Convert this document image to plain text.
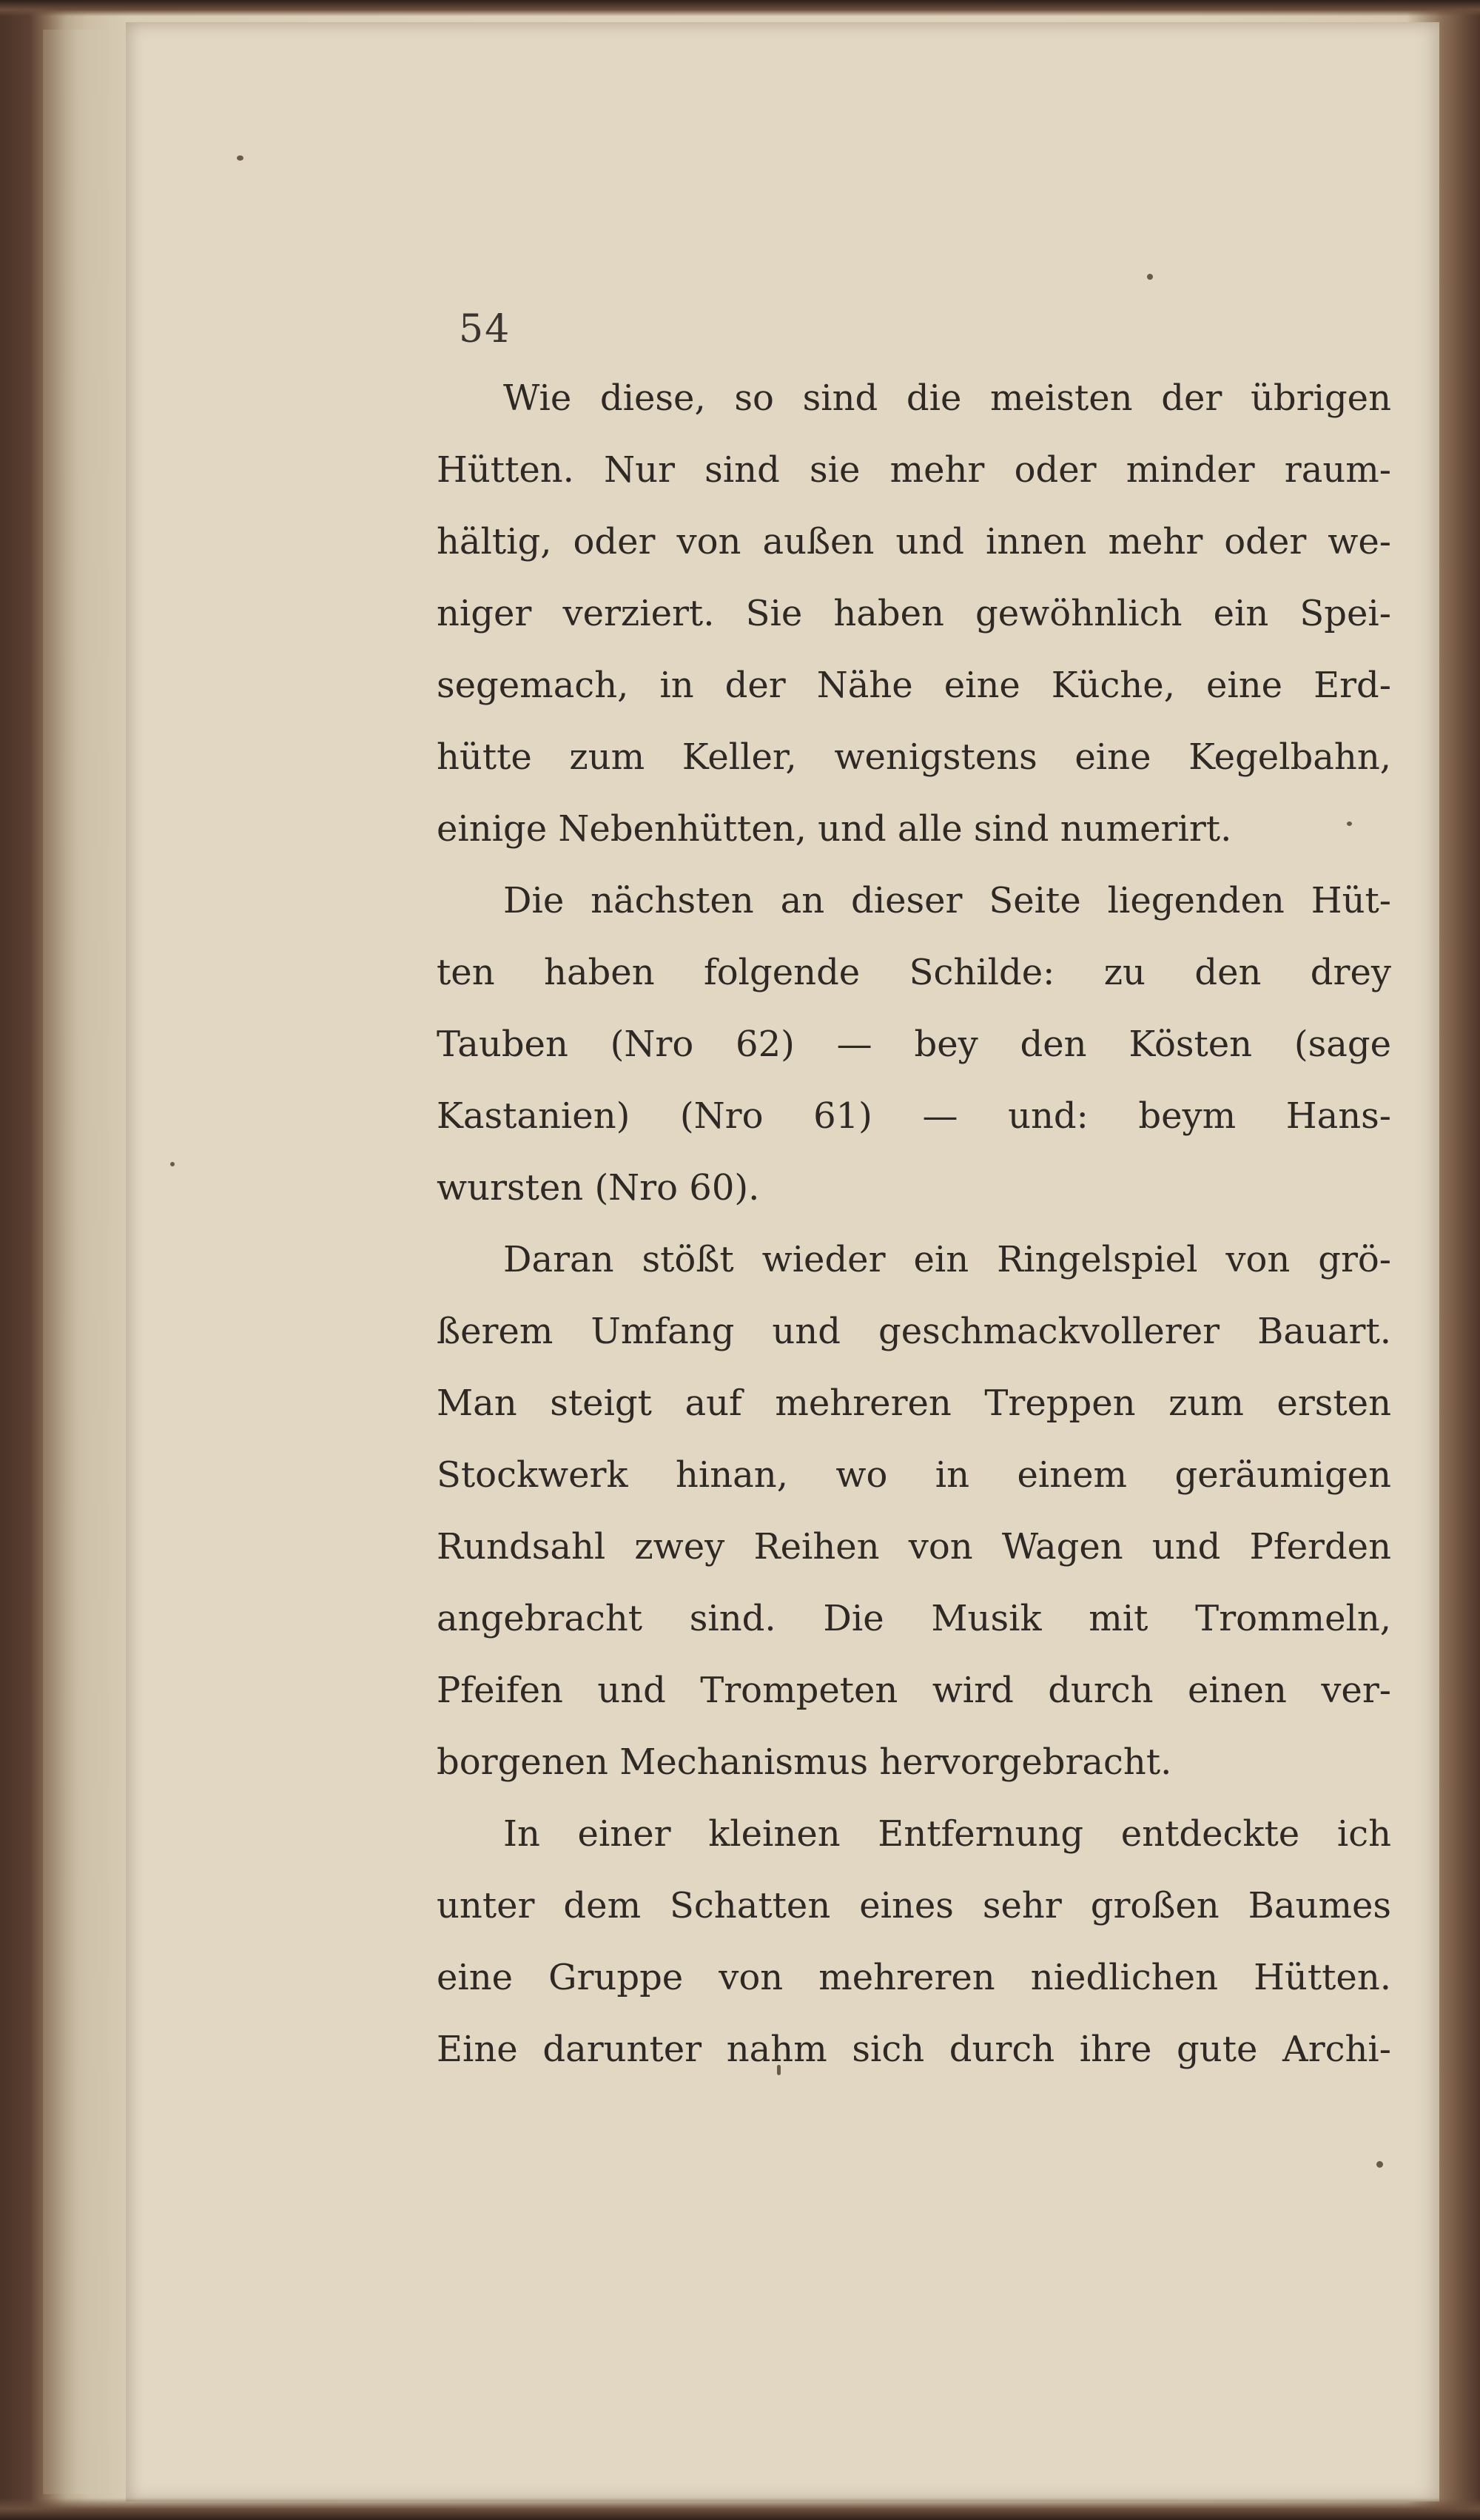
54
Wie diese, so sind die meisten der übrigen
Hütten. Nur sind sie mehr oder minder raum-
hältig, oder von außen und innen mehr oder we-
niger verziert. Sie haben gewöhnlich ein Spei-
segemach, in der Nähe eine Küche, eine Erd-
hütte zum Keller, wenigstens eine Kegelbahn,
einige Nebenhütten, und alle sind numerirt.
Die nächsten an dieser Seite liegenden Hüt-
ten haben folgende Schilde: zu den drey
Tauben (Nro 62) — bey den Kösten (sage
Kastanien) (Nro 61) — und: beym Hans-
wursten (Nro 60).
Daran stößt wieder ein Ringelspiel von grö-
ßerem Umfang und geschmackvollerer Bauart.
Man steigt auf mehreren Treppen zum ersten
Stockwerk hinan, wo in einem geräumigen
Rundsahl zwey Reihen von Wagen und Pferden
angebracht sind. Die Musik mit Trommeln,
Pfeifen und Trompeten wird durch einen ver-
borgenen Mechanismus hervorgebracht.
In einer kleinen Entfernung entdeckte ich
unter dem Schatten eines sehr großen Baumes
eine Gruppe von mehreren niedlichen Hütten.
Eine darunter nahm sich durch ihre gute Archi-
